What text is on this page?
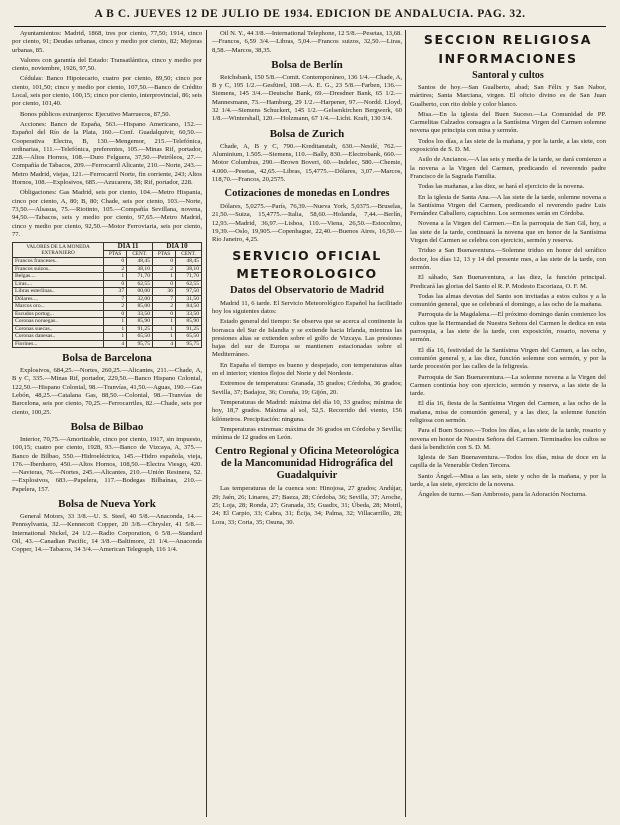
A B C. JUEVES 12 DE JULIO DE 1934. EDICION DE ANDALUCIA. PAG. 32.

Ayuntamientos: Madrid, 1868, tres por ciento, 77,50; 1914, cinco por ciento, 91; Deudas urbanas, cinco y medio por ciento, 82; Mejoras urbanas, 85.

Valores con garantía del Estado: Transatlántica, cinco y medio por ciento, noviembre, 1926, 97,50.

Cédulas: Banco Hipotecario, cuatro por ciento, 89,50; cinco por ciento, 101,50; cinco y medio por ciento, 107,50.—Banco de Crédito Local, seis por ciento, 100,15; cinco por ciento, interprovincial, 86; seis por ciento, 101,40.

Bonos públicos extranjeros: Ejecutivo Marruecos, 87,50.

Acciones: Banco de España, 563.—Hispano Americano, 152.—Español del Río de la Plata, 160.—Conf. Guadalquivir, 60,50.—Cooperativa Electra, B, 130.—Mengemor, 215.—Telefónica, ordinarias, 111.—Telefónica, preferentes, 105.—Minas Rif, portador, 228.—Altos Hornos, 108.—Duro Felguera, 37,50.—Petróleos, 27.—Compañía de Tabacos, 209.—Ferrocarril Alicante, 210.—Norte, 243.—Metro Madrid, viejas, 121.—Ferrocarril Norte, fin corriente, 243; Altos Hornos, 108.—Explosivos, 685.—Azucarera, 38; Rif, portador, 228.

Obligaciones: Gas Madrid, seis por ciento, 104.—Metro Hispania, cinco por ciento, A, 80; B, 80; Chade, seis por ciento, 103.—Norte, 73,50.—Alsasua, 75.—Riotinto, 105.—Compañía Sevillana, novena, 94,50.—Tabacos, seis y medio por ciento, 97,65.—Metro Madrid, cinco y medio por ciento, 92,50.—Motor Ferroviaria, seis por ciento, 77.

VALORES DE LA MONEDA
EXTRANJERO	DIA 11		DIA 10	
	PTAS	CENT.	PTAS	CENT.
Francos franceses..	0	48,45	0	48,45
Francos suizos..	2	38,10	2	38,10
Belgas....	1	71,70	1	71,70
Liras....	0	62,55	0	62,55
Libras esterlinas..	37	00,00	36	97,50
Dólares....	7	32,00	7	31,50
Marcos oro...	2	85,00	2	84,50
Escudos portug...	0	33,50	0	33,50
Coronas noruegas..	1	85,90	1	85,90
Coronas suecas..	1	91,25	1	91,25
Coronas danesas..	1	65,50	1	65,50
Florines...	4	95,75	4	95,75
Bolsa de Barcelona

Explosivos, 684,25.—Nortes, 260,25.—Alicantes, 211.—Chade, A, B y C, 335.—Minas Rif, portador, 229,50.—Banco Hispano Colonial, 122,50.—Hispano Colonial, 98.—Tranvías, 41,50.—Aguas, 190.—Gas Lebón, 48,25.—Catalana Gas, 88,50.—Colonial, 98.—Tranvías de Barcelona, seis por ciento, 70,25.—Ferrocarriles, 82.—Chade, seis por ciento, 100,25.

Bolsa de Bilbao

Interior, 70,75.—Amortizable, cinco por ciento, 1917, sin impuesto, 100,15; cuatro por ciento, 1928, 93.—Banco de Vizcaya, A, 375.—Banco de Bilbao, 550.—Hidroeléctrica, 145.—Hidro española, vieja, 176.—Iberduero, 450.—Altos Hornos, 108,50.—Electra Viesgo, 420.—Navieras, 76.—Nortes, 245.—Alicantes, 210.—Unión Resinera, 52.—Explosivos, 683.—Papelera, 117.—Bodegas Bilbaínas, 210.—Papelera, 157.

Bolsa de Nueva York

General Motors, 33 3/8.—U. S. Steel, 40 5/8.—Anaconda, 14.—Pennsylvania, 32.—Kennecott Copper, 20 3/8.—Chrysler, 41 5/8.—International Nickel, 24 1/2.—Radio Corporation, 6 5/8.—Standard Oil, 43.—Canadian Pacific, 14 3/8.—Baltimore, 21 1/4.—Anaconda Copper, 14.—Tabacos, 34 3/4.—American Telegraph, 116 1/4.

Oil N. Y., 44 3/8.—International Telephone, 12 5/8.—Pesetas, 13,68.—Francos, 6,59 3/4.—Libras, 5,04.—Francos suizos, 32,50.—Liras, 8,58.—Marcos, 38,35.

Bolsa de Berlín

Reichsbank, 150 5/8.—Comit. Contemporáneo, 136 1/4.—Chade, A, B y C, 195 1/2.—Gesfürel, 108.—A. E. G., 23 5/8.—Farben, 136.—Siemens, 145 3/4.—Deutsche Bank, 69.—Dresdner Bank, 65 1/2.—Mannesmann, 73.—Hamburg, 29 1/2.—Harpener, 97.—Nordd. Lloyd, 32 1/4.—Siemens Schuckert, 145 1/2.—Gelsenkirchen Bergwerk, 60 1/8.—Wintershall, 120.—Holzmann, 67 1/4.—Licht. Kraft, 130 3/4.

Bolsa de Zurich

Chade, A, B y C, 790.—Kreditanstalt, 630.—Nestlé, 762.—Aluminium, 1.505.—Siemens, 110.—Bally, 830.—Electrobank, 660.—Motor Columbus, 290.—Brown Boveri, 60.—Indelec, 580.—Chemie, 4.000.—Pesetas, 42,65.—Libras, 15,4775.—Dólares, 3,07.—Marcos, 118,70.—Francos, 20,2575.

Cotizaciones de monedas en Londres

Dólares, 5,0275.—París, 76,39.—Nueva York, 5,0375.—Bruselas, 21,50.—Suiza, 15,4775.—Italia, 58,60.—Holanda, 7,44.—Berlín, 12,93.—Madrid, 36,97.—Lisboa, 110.—Viena, 26,50.—Estocolmo, 19,39.—Oslo, 19,905.—Copenhague, 22,40.—Buenos Aires, 16,50.—Río Janeiro, 4,25.

SERVICIO OFICIAL
METEOROLOGICO
Datos del Observatorio de Madrid

Madrid 11, 6 tarde. El Servicio Meteorológico Español ha facilitado hoy los siguientes datos:

Estado general del tiempo: Se observa que se acerca al continente la borrasca del Sur de Islandia y se extiende hacia Irlanda, mientras las presiones altas se extienden sobre el golfo de Vizcaya. Las presiones bajas del sur de Europa se mantienen estacionadas sobre el Mediterráneo.

En España el tiempo es bueno y despejado, con temperaturas altas en el interior; vientos flojos del Norte y del Nordeste.

Extremos de temperatura: Granada, 35 grados; Córdoba, 36 grados; Sevilla, 37; Badajoz, 36; Coruña, 19; Gijón, 20.

Temperaturas de Madrid: máxima del día 10, 33 grados; mínima de hoy, 18,7 grados. Máxima al sol, 52,5. Recorrido del viento, 156 kilómetros. Precipitación: ninguna.

Temperaturas extremas: máxima de 36 grados en Córdoba y Sevilla; mínima de 12 grados en León.

Centro Regional y Oficina Meteorológica de la Mancomunidad Hidrográfica del Guadalquivir

Las temperaturas de la cuenca son: Hinojosa, 27 grados; Andújar, 29; Jaén, 26; Linares, 27; Baeza, 28; Córdoba, 36; Sevilla, 37; Aroche, 25; Loja, 28; Ronda, 27; Granada, 35; Guadix, 31; Úbeda, 28; Motril, 24; El Carpio, 33; Cabra, 31; Écija, 34; Palma, 32; Villacarrillo, 28; Lora, 33; Coria, 35; Osuna, 30.

SECCION RELIGIOSA
INFORMACIONES
Santoral y cultos

Santos de hoy.—San Gualberto, abad; San Félix y San Nabor, mártires; Santa Marciana, virgen. El oficio divino es de San Juan Gualberto, con rito doble y color blanco.

Misa.—En la iglesia del Buen Suceso.—La Comunidad de PP. Carmelitas Calzados consagra a la Santísima Virgen del Carmen solemne novena que principia con misa y sermón.

Todos los días, a las siete de la mañana, y por la tarde, a las siete, con exposición de S. D. M.

Asilo de Ancianos.—A las seis y media de la tarde, se dará comienzo a la novena a la Virgen del Carmen, predicando el reverendo padre Francisco de la Sagrada Familia.

Todas las mañanas, a las diez, se hará el ejercicio de la novena.

En la iglesia de Santa Ana.—A las siete de la tarde, solemne novena a la Santísima Virgen del Carmen, predicando el reverendo padre Luis Fernández Caballero, capuchino. Los sermones serán en Córdoba.

Novena a la Virgen del Carmen.—En la parroquia de San Gil, hoy, a las siete de la tarde, continuará la novena que en honor de la Santísima Virgen del Carmen se celebra con ejercicio, sermón y reserva.

Triduo a San Buenaventura.—Solemne triduo en honor del seráfico doctor, los días 12, 13 y 14 del presente mes, a las siete de la tarde, con sermón.

El sábado, San Buenaventura, a las diez, la función principal. Predicará las glorias del Santo el R. P. Modesto Escoriaza, O. F. M.

Todas las almas devotas del Santo son invitadas a estos cultos y a la comunión general, que se celebrará el domingo, a las ocho de la mañana.

Parroquia de la Magdalena.—El próximo domingo darán comienzo los cultos que la Hermandad de Nuestra Señora del Carmen le dedica en esta parroquia, a las siete de la tarde, con exposición, rosario, novena y sermón.

El día 16, festividad de la Santísima Virgen del Carmen, a las ocho, comunión general y, a las diez, función solemne con sermón, y por la tarde procesión por las calles de la feligresía.

Parroquia de San Buenaventura.—La solemne novena a la Virgen del Carmen continúa hoy con ejercicio, sermón y reserva, a las siete de la tarde.

El día 16, fiesta de la Santísima Virgen del Carmen, a las ocho de la mañana, misa de comunión general, y a las diez, la solemne función religiosa con sermón.

Para el Buen Suceso.—Todos los días, a las siete de la tarde, rosario y novena en honor de Nuestra Señora del Carmen. Terminados los cultos se dará la bendición con S. D. M.

Iglesia de San Buenaventura.—Todos los días, misa de doce en la capilla de la Venerable Orden Tercera.

Santo Ángel.—Misa a las seis, siete y ocho de la mañana, y por la tarde, a las siete, ejercicio de la novena.

Ángeles de turno.—San Ambrosio, para la Adoración Nocturna.
